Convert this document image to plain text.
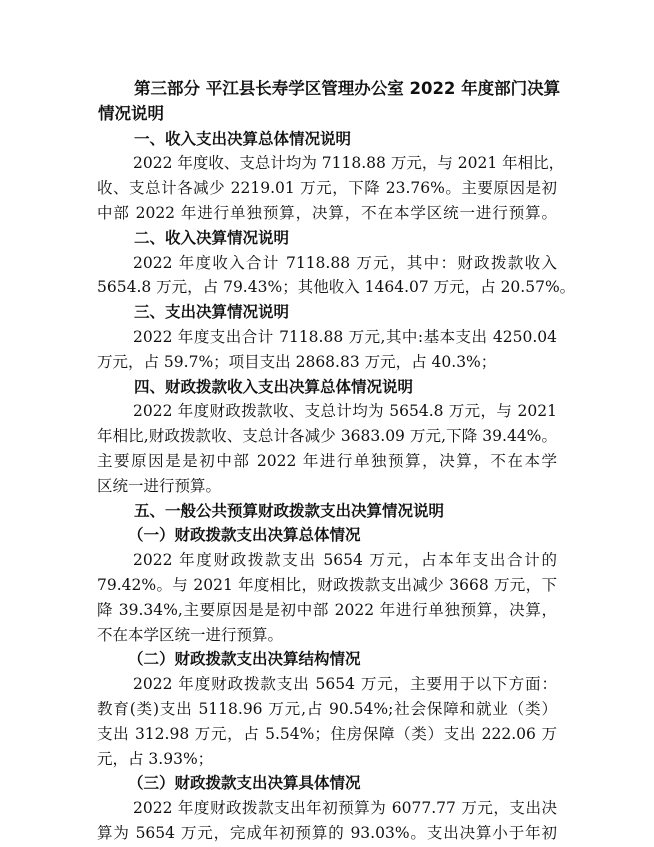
第三部分 平江县长寿学区管理办公室 2022 年度部门决算

情况说明

一、收入支出决算总体情况说明

2022 年度收、支总计均为 7118.88 万元，与 2021 年相比，

收、支总计各减少 2219.01 万元，下降 23.76%。主要原因是初

中部 2022 年进行单独预算，决算，不在本学区统一进行预算。

二、收入决算情况说明

2022 年度收入合计 7118.88 万元，其中：财政拨款收入

5654.8 万元，占 79.43%；其他收入 1464.07 万元，占 20.57%。

三、支出决算情况说明

2022 年度支出合计 7118.88 万元,其中:基本支出 4250.04

万元，占 59.7%；项目支出 2868.83 万元，占 40.3%；

四、财政拨款收入支出决算总体情况说明

2022 年度财政拨款收、支总计均为 5654.8 万元，与 2021

年相比,财政拨款收、支总计各减少 3683.09 万元,下降 39.44%。

主要原因是是初中部 2022 年进行单独预算，决算，不在本学

区统一进行预算。

五、一般公共预算财政拨款支出决算情况说明

（一）财政拨款支出决算总体情况

2022 年度财政拨款支出 5654 万元，占本年支出合计的

79.42%。与 2021 年度相比，财政拨款支出减少 3668 万元，下

降 39.34%,主要原因是是初中部 2022 年进行单独预算，决算，

不在本学区统一进行预算。

（二）财政拨款支出决算结构情况

2022 年度财政拨款支出 5654 万元，主要用于以下方面：

教育(类)支出 5118.96 万元,占 90.54%;社会保障和就业（类）

支出 312.98 万元，占 5.54%；住房保障（类）支出 222.06 万

元，占 3.93%；

（三）财政拨款支出决算具体情况

2022 年度财政拨款支出年初预算为 6077.77 万元，支出决

算为 5654 万元，完成年初预算的 93.03%。支出决算小于年初
